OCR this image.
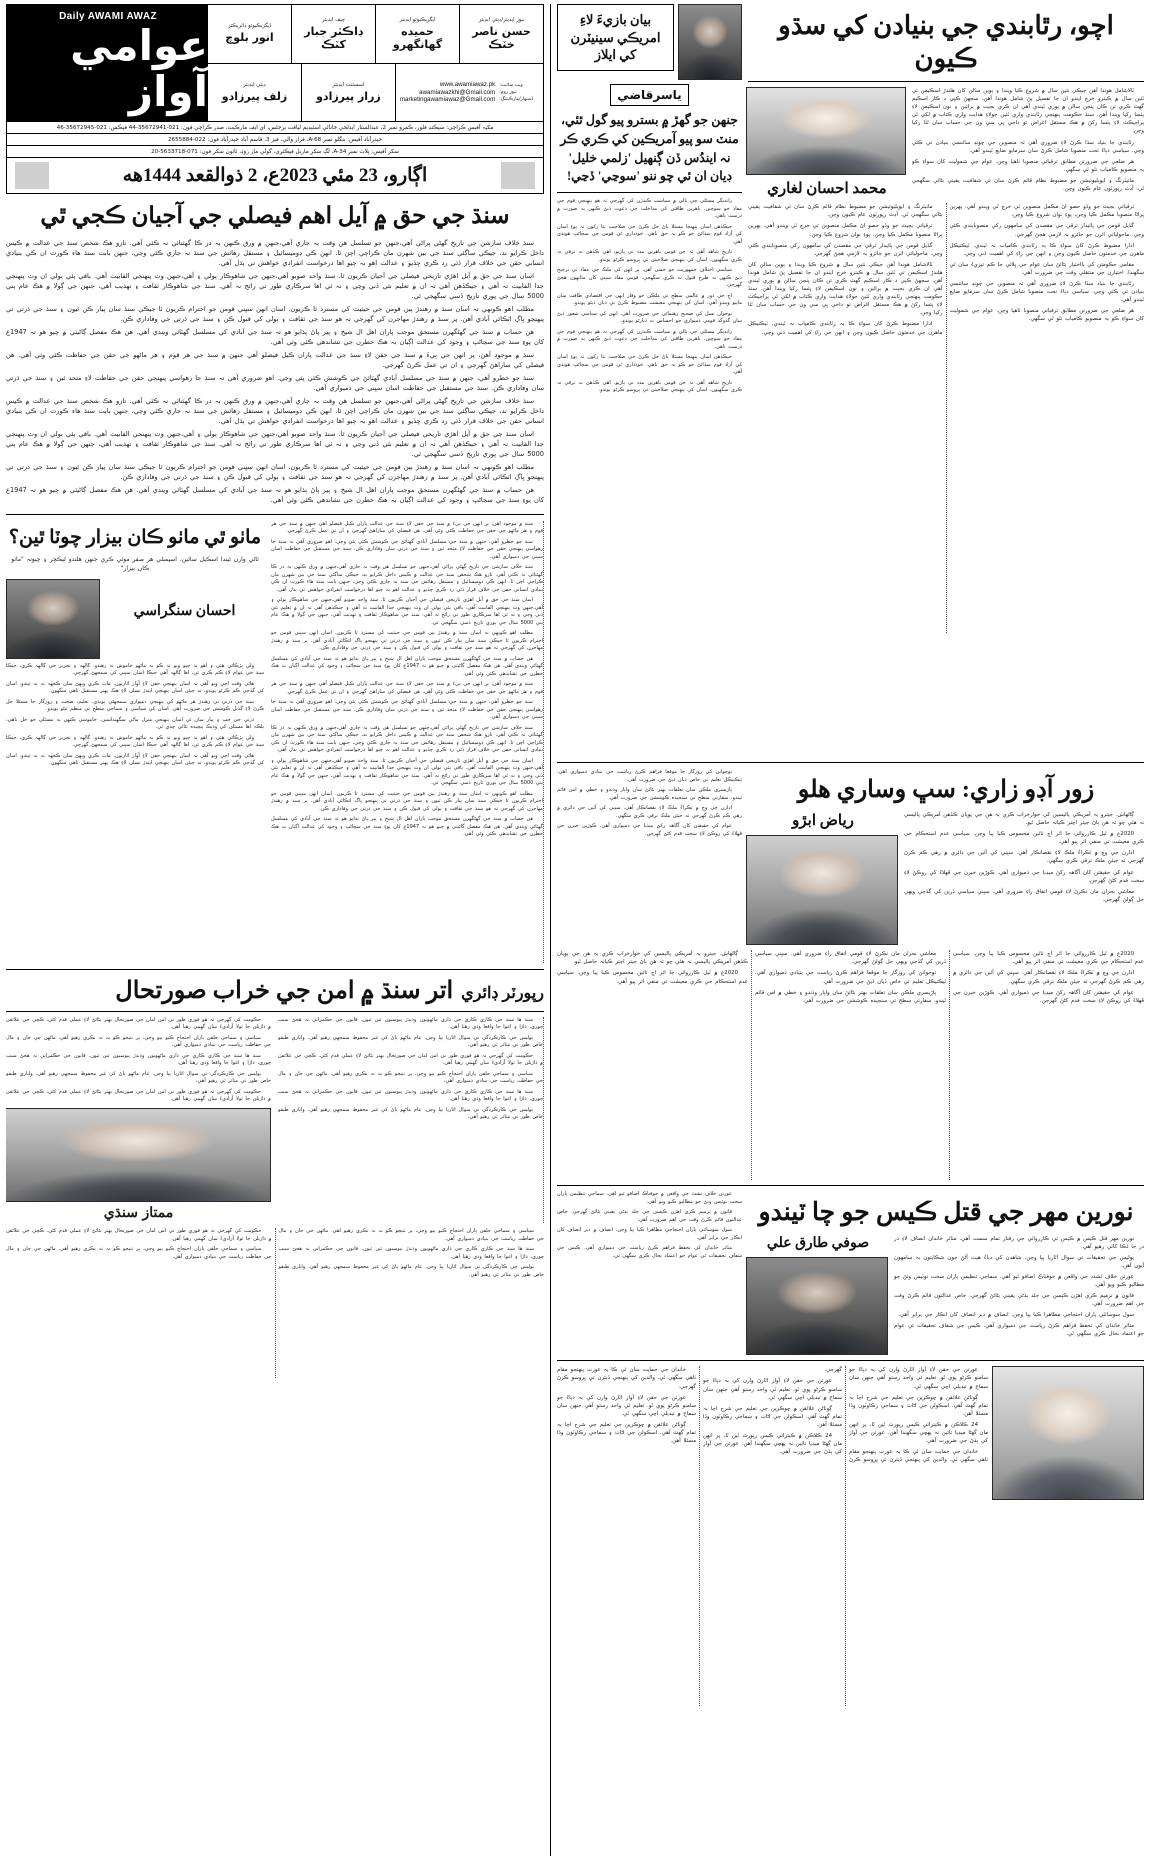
اچو، رٿابندي جي بنيادن کي سڌو ڪيون

ٽالاشامل هوندا آهن جيڪي نئين سال ۾ شروع ڪيا ويندا ۽ ٻوين سالن کان هلندڙ اسڪيمن تي ٽئين سال ۾ ڪيترو خرچ ايندو ان جا تفصيل پڻ شامل هوندا آهن. سجهڻ ڪپي د ڪار اسڪيم گهٽ ڪري تن ڪان پنجن سالن ۾ ٻوري ٿيندي آهي ان ڪري بجيت ۾ برائين ۽ نون اسڪيمن لاءِ پئسا رکيا ويندا آهن. سنڌ حڪومت پنهنجي رٿابندي واري ٽئين جولاءِ هدايت واري ڪتاب ۾ لکي ٿي پراجيڪٽ لاءِ پئسا رکڻ ۾ هڪ مستقل اغراض تو داخي پي سي ون جي حساب سان ٿئا رکيا وڃن.

رٿابندي جا بنياد سڌا ڪرڻ لاءِ ضروري آهي تہ منصوبن جي چونڊ سائنسي بنيادن تي ڪئي وڃي. سياسي دٻاءَ تحت منصوبا شامل ڪرڻ سان سرمايو ضايع ٿيندو آهي.

هر ضلعي جي ضرورتن مطابق ترقياتي منصوبا ٺاهيا وڃن. عوام جي شموليت کان سواءِ ڪو بہ منصوبو ڪامياب نٿو ٿي سگهي.

مانيٽرنگ ۽ ايويليوئيشن جو مضبوط نظام قائم ڪرڻ سان ئي شفافيت يقيني بڻائي سگهجي ٿي. آڊٽ رپورٽون عام ڪيون وڃن.

محمد احسان لغاري

ترقياتي بجيٽ جو وڏو حصو اڻ مڪمل منصوبن تي خرچ ٿي ويندو آهي. پهرين پراڻا منصوبا مڪمل ڪيا وڃن، پوءِ نوان شروع ڪيا وڃن.

گڏيل قومن جي پائيدار ترقي جي مقصدن کي سامهون رکي منصوبابندي ڪئي وڃي. ماحولياتي اثرن جو جائزو بہ لازمي هجڻ گهرجي.

ادارا مضبوط ڪرڻ کان سواءِ ڪا بہ رٿابندي ڪامياب نہ ٿيندي. ٽيڪنيڪل ماهرن جي خدمتون حاصل ڪيون وڃن ۽ انهن جي راءِ کي اهميت ڏني وڃي.

مقامي حڪومتن کي بااختيار بڻائڻ سان عوام جي ڀلائي جا ڪم تيزيءَ سان ٿي سگهندا. اختيارن جي منتقلي وقت جي ضرورت آهي.

رٿابندي جا بنياد سڌا ڪرڻ لاءِ ضروري آهي تہ منصوبن جي چونڊ سائنسي بنيادن تي ڪئي وڃي. سياسي دٻاءَ تحت منصوبا شامل ڪرڻ سان سرمايو ضايع ٿيندو آهي.

هر ضلعي جي ضرورتن مطابق ترقياتي منصوبا ٺاهيا وڃن. عوام جي شموليت کان سواءِ ڪو بہ منصوبو ڪامياب نٿو ٿي سگهي.

مانيٽرنگ ۽ ايويليوئيشن جو مضبوط نظام قائم ڪرڻ سان ئي شفافيت يقيني بڻائي سگهجي ٿي. آڊٽ رپورٽون عام ڪيون وڃن.

ترقياتي بجيٽ جو وڏو حصو اڻ مڪمل منصوبن تي خرچ ٿي ويندو آهي. پهرين پراڻا منصوبا مڪمل ڪيا وڃن، پوءِ نوان شروع ڪيا وڃن.

گڏيل قومن جي پائيدار ترقي جي مقصدن کي سامهون رکي منصوبابندي ڪئي وڃي. ماحولياتي اثرن جو جائزو بہ لازمي هجڻ گهرجي.

ٽالاشامل هوندا آهن جيڪي نئين سال ۾ شروع ڪيا ويندا ۽ ٻوين سالن کان هلندڙ اسڪيمن تي ٽئين سال ۾ ڪيترو خرچ ايندو ان جا تفصيل پڻ شامل هوندا آهن. سجهڻ ڪپي د ڪار اسڪيم گهٽ ڪري تن ڪان پنجن سالن ۾ ٻوري ٿيندي آهي ان ڪري بجيت ۾ برائين ۽ نون اسڪيمن لاءِ پئسا رکيا ويندا آهن. سنڌ حڪومت پنهنجي رٿابندي واري ٽئين جولاءِ هدايت واري ڪتاب ۾ لکي ٿي پراجيڪٽ لاءِ پئسا رکڻ ۾ هڪ مستقل اغراض تو داخي پي سي ون جي حساب سان ٿئا رکيا وڃن.

ادارا مضبوط ڪرڻ کان سواءِ ڪا بہ رٿابندي ڪامياب نہ ٿيندي. ٽيڪنيڪل ماهرن جي خدمتون حاصل ڪيون وڃن ۽ انهن جي راءِ کي اهميت ڏني وڃي.

بيان بازيءَ لاءِ امريڪي سينيٽرن کي ايلاز
ياسرقاضي
جنهن جو گهڙ ۾ بسترو پيو گول ٿئي، منٽ سو پيو آمريڪين کي ڪري ڪر نہ ايندُس ڏن ڳنهيل 'زلمي خليل' ڊيان ان ئي چو ننو 'سوڃي' ڏڃي!

رانديگر مسئلي جي نالي ۾ سياست ڪندڙن کي گهرجي تہ هو پنهنجي قوم جي مفاد جو سوچين. ٻاهرين طاقتن کي مداخلت جي دعوت ڏيڻ ڪنهن بہ صورت ۾ درست ناهي.

جيڪڏهن اسان پنهنجا مسئلا پاڻ حل ڪرڻ جي صلاحيت نٿا رکون تہ پوءِ اسان کي آزاد قوم سڏائڻ جو ڪو بہ حق ناهي. خودداري ئي قومن جي سڃاڻپ هوندي آهي.

تاريخ شاهد آهي تہ جن قومن ٻاهرين مدد تي ڀاڙيو، اهي ڪڏهن بہ ترقي نہ ڪري سگهيون. اسان کي پنهنجي صلاحيتن تي ڀروسو ڪرڻو پوندو.

سياسي اختلاف جمهوريت جو حسن آهن، پر انهن کي ملڪ جي مفاد تي ترجيح ڏيڻ ڪنهن بہ طرح قبول نہ ڪري سگهجي. قومي مفاد سڀني کان مٿانهون هجڻ گهرجي.

اڄ جي دور ۾ عالمي سطح تي ملڪن جو وقار انهن جي اقتصادي طاقت سان ماپيو ويندو آهي. اسان کي پنهنجي معيشت مضبوط ڪرڻ تي ڌيان ڏيڻو پوندو.

نوجوان نسل کي صحيح رهنمائي جي ضرورت آهي. انهن کي سياسي شعور ڏيڻ سان گڏوگڏ قومي ذميواري جو احساس بہ ڏيارڻو پوندو.

رانديگر مسئلي جي نالي ۾ سياست ڪندڙن کي گهرجي تہ هو پنهنجي قوم جي مفاد جو سوچين. ٻاهرين طاقتن کي مداخلت جي دعوت ڏيڻ ڪنهن بہ صورت ۾ درست ناهي.

جيڪڏهن اسان پنهنجا مسئلا پاڻ حل ڪرڻ جي صلاحيت نٿا رکون تہ پوءِ اسان کي آزاد قوم سڏائڻ جو ڪو بہ حق ناهي. خودداري ئي قومن جي سڃاڻپ هوندي آهي.

تاريخ شاهد آهي تہ جن قومن ٻاهرين مدد تي ڀاڙيو، اهي ڪڏهن بہ ترقي نہ ڪري سگهيون. اسان کي پنهنجي صلاحيتن تي ڀروسو ڪرڻو پوندو.

زور آڊو زاري: سڀ وساري هلو

ڳالهاش. جيترو بہ آمريڪي پاليسين کي خوارخراب ڪري بہ هن جي پويان ڪڏهن آمريڪي پاليسي نہ هئي چو تہ هن ٻاڻ جيتر اچتر ڪياتہ حاصل ٿيو.

2020ع ۾ ٿيل ڪارروائي جا اثر اڄ تائين محسوس ڪيا پيا وڃن. سياسي عدم استحڪام جي ڪري معيشت تي منفي اثر پيو آهي.

ادارن جي وچ ۾ ٽڪراءُ ملڪ لاءِ نقصانڪار آهي. سڀني کي آئين جي دائري ۾ رهي ڪم ڪرڻ گهرجي ته جيئن ملڪ ترقي ڪري سگهي.

عوام کي حقيقتن کان آگاهہ رکڻ ميڊيا جي ذميواري آهي. ڪوڙين خبرن جي ڦهلاءَ کي روڪڻ لاءِ سخت قدم کڻڻ گهرجن.

معاشي بحران مان نڪرڻ لاءِ قومي اتفاق راءِ ضروري آهي. سڀني سياسي ڌرين کي گڏجي ويهي حل ڳولڻ گهرجي.

رياض ابڙو

نوجوانن کي روزگار جا موقعا فراهم ڪرڻ رياست جي بنيادي ذميواري آهي. ٽيڪنيڪل تعليم تي خاص ڌيان ڏيڻ جي ضرورت آهي.

پاڙيسري ملڪن سان تعلقات بهتر بڻائڻ سان واپار وڌندو ۽ خطي ۾ امن قائم ٿيندو. سفارتي سطح تي سنجيده ڪوششن جي ضرورت آهي.

ادارن جي وچ ۾ ٽڪراءُ ملڪ لاءِ نقصانڪار آهي. سڀني کي آئين جي دائري ۾ رهي ڪم ڪرڻ گهرجي ته جيئن ملڪ ترقي ڪري سگهي.

عوام کي حقيقتن کان آگاهہ رکڻ ميڊيا جي ذميواري آهي. ڪوڙين خبرن جي ڦهلاءَ کي روڪڻ لاءِ سخت قدم کڻڻ گهرجن.

2020ع ۾ ٿيل ڪارروائي جا اثر اڄ تائين محسوس ڪيا پيا وڃن. سياسي عدم استحڪام جي ڪري معيشت تي منفي اثر پيو آهي.

ادارن جي وچ ۾ ٽڪراءُ ملڪ لاءِ نقصانڪار آهي. سڀني کي آئين جي دائري ۾ رهي ڪم ڪرڻ گهرجي ته جيئن ملڪ ترقي ڪري سگهي.

عوام کي حقيقتن کان آگاهہ رکڻ ميڊيا جي ذميواري آهي. ڪوڙين خبرن جي ڦهلاءَ کي روڪڻ لاءِ سخت قدم کڻڻ گهرجن.

معاشي بحران مان نڪرڻ لاءِ قومي اتفاق راءِ ضروري آهي. سڀني سياسي ڌرين کي گڏجي ويهي حل ڳولڻ گهرجي.

نوجوانن کي روزگار جا موقعا فراهم ڪرڻ رياست جي بنيادي ذميواري آهي. ٽيڪنيڪل تعليم تي خاص ڌيان ڏيڻ جي ضرورت آهي.

پاڙيسري ملڪن سان تعلقات بهتر بڻائڻ سان واپار وڌندو ۽ خطي ۾ امن قائم ٿيندو. سفارتي سطح تي سنجيده ڪوششن جي ضرورت آهي.

ڳالهاش. جيترو بہ آمريڪي پاليسين کي خوارخراب ڪري بہ هن جي پويان ڪڏهن آمريڪي پاليسي نہ هئي چو تہ هن ٻاڻ جيتر اچتر ڪياتہ حاصل ٿيو.

2020ع ۾ ٿيل ڪارروائي جا اثر اڄ تائين محسوس ڪيا پيا وڃن. سياسي عدم استحڪام جي ڪري معيشت تي منفي اثر پيو آهي.

نورين مهر جي قتل ڪيس جو چا ٽيندو

نورين مهر قتل ڪيس ۾ ڪيس تي ڪارروائي جي رفتار تمام سست آهي. متاثر خاندان انصاف لاءِ در در جا ڌڪا کائي رهيو آهي.

پوليس جي تحقيقات تي سوال اٿاريا پيا وڃن. شاهدن کي دٻاءُ هيٺ آڻڻ جون شڪايتون بہ سامهون آيون آهن.

عورتن خلاف تشدد جي واقعن ۾ خوفناڪ اضافو ٿيو آهي. سماجي تنظيمن پاران سخت نوٽيس وٺڻ جو مطالبو ڪيو ويو آهي.

قانون ۾ ترميم ڪري اهڙن ڪيسن جي جلد ٻڌڻي يقيني بڻائڻ گهرجي. خاص عدالتون قائم ڪرڻ وقت جي اهم ضرورت آهي.

سول سوسائٽي پاران احتجاجي مظاهرا ڪيا پيا وڃن. انصاف ۾ دير انصاف کان انڪار جي برابر آهي.

متاثر خاندان کي تحفظ فراهم ڪرڻ رياست جي ذميواري آهي. ڪيس جي شفاف تحقيقات ئي عوام جو اعتماد بحال ڪري سگهي ٿي.

صوفي طارق علي

عورتن خلاف تشدد جي واقعن ۾ خوفناڪ اضافو ٿيو آهي. سماجي تنظيمن پاران سخت نوٽيس وٺڻ جو مطالبو ڪيو ويو آهي.

قانون ۾ ترميم ڪري اهڙن ڪيسن جي جلد ٻڌڻي يقيني بڻائڻ گهرجي. خاص عدالتون قائم ڪرڻ وقت جي اهم ضرورت آهي.

سول سوسائٽي پاران احتجاجي مظاهرا ڪيا پيا وڃن. انصاف ۾ دير انصاف کان انڪار جي برابر آهي.

متاثر خاندان کي تحفظ فراهم ڪرڻ رياست جي ذميواري آهي. ڪيس جي شفاف تحقيقات ئي عوام جو اعتماد بحال ڪري سگهي ٿي.

عورتن جي حقن لاءِ آواز اٿارڻ وارن کي بہ دٻاءَ جو سامنو ڪرڻو پوي ٿو. تعليم ئي واحد رستو آهي جنهن سان سماج ۾ تبديلي اچي سگهي ٿي.

ڳوٺاڻن علائقن ۾ ڇوڪرين جي تعليم جي شرح اڃا بہ تمام گهٽ آهي. اسڪولن جي اڻاٺ ۽ سماجي رڪاوٽون وڏا مسئلا آهن.

24 ڪلاڪن ۾ ڪيترائي ڪيس رپورٽ ٿين ٿا، پر انهن مان گهڻا ميڊيا تائين نہ پهچي سگهندا آهن. عورتن جي آواز کي ٻڌڻ جي ضرورت آهي.

خاندان جي حمايت سان ئي ڪا بہ عورت پنهنجو مقام ٺاهي سگهي ٿي. والدين کي پنهنجي ڌيئرن تي ڀروسو ڪرڻ گهرجي.

عورتن جي حقن لاءِ آواز اٿارڻ وارن کي بہ دٻاءَ جو سامنو ڪرڻو پوي ٿو. تعليم ئي واحد رستو آهي جنهن سان سماج ۾ تبديلي اچي سگهي ٿي.

ڳوٺاڻن علائقن ۾ ڇوڪرين جي تعليم جي شرح اڃا بہ تمام گهٽ آهي. اسڪولن جي اڻاٺ ۽ سماجي رڪاوٽون وڏا مسئلا آهن.

24 ڪلاڪن ۾ ڪيترائي ڪيس رپورٽ ٿين ٿا، پر انهن مان گهڻا ميڊيا تائين نہ پهچي سگهندا آهن. عورتن جي آواز کي ٻڌڻ جي ضرورت آهي.

خاندان جي حمايت سان ئي ڪا بہ عورت پنهنجو مقام ٺاهي سگهي ٿي. والدين کي پنهنجي ڌيئرن تي ڀروسو ڪرڻ گهرجي.

عورتن جي حقن لاءِ آواز اٿارڻ وارن کي بہ دٻاءَ جو سامنو ڪرڻو پوي ٿو. تعليم ئي واحد رستو آهي جنهن سان سماج ۾ تبديلي اچي سگهي ٿي.

ڳوٺاڻن علائقن ۾ ڇوڪرين جي تعليم جي شرح اڃا بہ تمام گهٽ آهي. اسڪولن جي اڻاٺ ۽ سماجي رڪاوٽون وڏا مسئلا آهن.

نيوز ايڊيٽر/ڊپٽي ايڊيٽر
حسن ناصر خٽڪ
ايگزيڪيوٽو ايڊيٽر
حميده گهانگهرو
چيف ايڊيٽر
ڊاڪٽر جبار کٽڪ
ايگزيڪيوٽو ڊائريڪٽر
انور بلوچ
ويب سائيٽ:
نيوز روم:
اشتهار/مارڪيٽنگ:
www.awamiawaz.pk
awamiawazkhi@Gmail.com
marketingawamiawaz@Gmail.com
اسسٽنٽ ايڊيٽر
زرار پيرزادو
ڊپٽي ايڊيٽر
زلف پيرزادو
Daily AWAMI AWAZ
عوامي آواز
مکيہ آفيس ڪراچي: سيڪنڊ فلور، ڪمرو نمبر 2، عبدالستار ايڊلجي خاناڻي اسٽيڊيم لياقت برجڻس، اي ايف مارڪيٽ، صدر ڪراچي فون: 021-35672941-44 فيڪس: 021-35672945-46
حيدرآباد آفيس: بنگلو نمبر A-68، فراز والي، فيز 3، قاسم آباد حيدرآباد فون: 022-2655884
سکر آفيس: پلاٽ نمبر A-34، لڳ سکر ماربل فيڪٽري، گولي مار روڊ، ٽائون سکر فون: 071-5633718-20
اڳارو، 23 مئي 2023ع، 2 ذوالقعد 1444هه
سنڌ جي حق ۾ آيل اهم فيصلي جي آجيان ڪجي ٿي

سنڌ خلاف سازشن جي تاريخ گهڻي پراڻي آهي،جنهن جو تسلسل هن وقت بہ جاري آهي،جنهن ۾ ورق ڪنهن بہ در ڪا گهٽتائي نہ ڪئي آهي. تازو هڪ شخص سنڌ جي عدالت ۾ ڪيس داخل ڪرايو ند، جيڪي ساڳئي سنڌ جي بين شهرن مان ڪراچي اچن ٿا. انهن ڪي ڊوميسائيل ۽ مستقل رهائش جي سنڌ نہ جاري ڪئي وڃي، جنهن بابت سنڌ هاء ڪورٽ ان ڪي بنيادي انساني حقن جي خلاف قرار ڏئي رد ڪري ڇڏيو ۽ عدالت اهو بہ چيو اها درخواست انفرادي خواهش تي ٻڌل آهي.

اسان سنڌ جي حق ۾ آيل اهڙي تاريخي فيصلي جي آجيان ڪريون ٿا. سنڌ واحد صوبو آهي،جنهن جي شاهوڪار ٻولي ۽ آهي،جنهن وٽ پنهنجي الفابيت آهي. باقي ٻئي ٻولي ان وٽ پنهنجي جدا الفابيت نہ آهي ۽ جيڪڏهن آهي تہ ان ۾ تعليم نٿي ڏني وڃي ۽ نہ ئي اها سرڪاري طور تي رائج نہ آهي. سنڌ جي شاهوڪار ثقافت ۽ تهذيب آهي، جنهن جي ڳولا ۾ هڪ عام ٻني 5000 سال جي پوري تاريخ ڏسي سگهجي ٿي.

مطلب اهو ڪونهي تہ اسان سنڌ ۾ رهندڙ ٻين قومن جي حيثيت کي مسترد ٿا ڪريون. اسان انهن سڀني قومن جو احترام ڪريون ٿا جيڪي سنڌ سان پيار ڪن ٿيون ۽ سنڌ جي ڌرتي تي پنهنجو ڀاڳ اٽڪائي آبادي آهن. پر سنڌ ۾ رهندڙ مهاجرن کي گهرجي تہ هو سنڌ جي ثقافت ۽ ٻولي کي قبول ڪن ۽ سنڌ جي ڌرتي جي وفاداري ڪن.

هن حساب ۾ سنڌ جي گهڻگهرن مستحق موجب پاران اهل ال شيخ ۽ پير پاڻ ٻڌايو هو تہ سنڌ جي آبادي کي مسلسل گهٽائي ويندي آهي. هن هڪ مفصل ڳاڻيٽي ۾ چيو هو تہ 1947ع کان پوءِ سنڌ جي سڃاڻپ ۽ وجود کي عدالت اڳيان بہ هڪ خطرن جي نشاندهي ڪئي وئي آهي.

سنڌ ۾ موجود آهن، پر انهن جي ٻيءَ ۾ سنڌ جي حقن لاءِ سنڌ جي عدالت پاران ڪيل فيصلو آهي جنهن ۾ سنڌ جي هر قوم ۽ هر ماڻهو جي حقن جي حفاظت ڪئي وئي آهي. هن فيصلي کي ساراهڻ گهرجي ۽ ان تي عمل ڪرڻ گهرجي.

سنڌ جو خطرو آهي، جنهن ۾ سنڌ جي مسلسل آبادي گهٽائڻ جي ڪوشش ڪئي پئي وڃي. اهو ضروري آهي تہ سنڌ جا رهواسي پنهنجي حقن جي حفاظت لاءِ متحد ٿين ۽ سنڌ جي ڌرتي سان وفاداري ڪن. سنڌ جي مستقبل جي حفاظت اسان سڀني جي ذميواري آهي.

سنڌ خلاف سازشن جي تاريخ گهڻي پراڻي آهي،جنهن جو تسلسل هن وقت بہ جاري آهي،جنهن ۾ ورق ڪنهن بہ در ڪا گهٽتائي نہ ڪئي آهي. تازو هڪ شخص سنڌ جي عدالت ۾ ڪيس داخل ڪرايو ند، جيڪي ساڳئي سنڌ جي بين شهرن مان ڪراچي اچن ٿا. انهن ڪي ڊوميسائيل ۽ مستقل رهائش جي سنڌ نہ جاري ڪئي وڃي، جنهن بابت سنڌ هاء ڪورٽ ان ڪي بنيادي انساني حقن جي خلاف قرار ڏئي رد ڪري ڇڏيو ۽ عدالت اهو بہ چيو اها درخواست انفرادي خواهش تي ٻڌل آهي.

اسان سنڌ جي حق ۾ آيل اهڙي تاريخي فيصلي جي آجيان ڪريون ٿا. سنڌ واحد صوبو آهي،جنهن جي شاهوڪار ٻولي ۽ آهي،جنهن وٽ پنهنجي الفابيت آهي. باقي ٻئي ٻولي ان وٽ پنهنجي جدا الفابيت نہ آهي ۽ جيڪڏهن آهي تہ ان ۾ تعليم نٿي ڏني وڃي ۽ نہ ئي اها سرڪاري طور تي رائج نہ آهي. سنڌ جي شاهوڪار ثقافت ۽ تهذيب آهي، جنهن جي ڳولا ۾ هڪ عام ٻني 5000 سال جي پوري تاريخ ڏسي سگهجي ٿي.

مطلب اهو ڪونهي تہ اسان سنڌ ۾ رهندڙ ٻين قومن جي حيثيت کي مسترد ٿا ڪريون. اسان انهن سڀني قومن جو احترام ڪريون ٿا جيڪي سنڌ سان پيار ڪن ٿيون ۽ سنڌ جي ڌرتي تي پنهنجو ڀاڳ اٽڪائي آبادي آهن. پر سنڌ ۾ رهندڙ مهاجرن کي گهرجي تہ هو سنڌ جي ثقافت ۽ ٻولي کي قبول ڪن ۽ سنڌ جي ڌرتي جي وفاداري ڪن.

هن حساب ۾ سنڌ جي گهڻگهرن مستحق موجب پاران اهل ال شيخ ۽ پير پاڻ ٻڌايو هو تہ سنڌ جي آبادي کي مسلسل گهٽائي ويندي آهي. هن هڪ مفصل ڳاڻيٽي ۾ چيو هو تہ 1947ع کان پوءِ سنڌ جي سڃاڻپ ۽ وجود کي عدالت اڳيان بہ هڪ خطرن جي نشاندهي ڪئي وئي آهي.

سنڌ ۾ موجود آهن، پر انهن جي ٻيءَ ۾ سنڌ جي حقن لاءِ سنڌ جي عدالت پاران ڪيل فيصلو آهي جنهن ۾ سنڌ جي هر قوم ۽ هر ماڻهو جي حقن جي حفاظت ڪئي وئي آهي. هن فيصلي کي ساراهڻ گهرجي ۽ ان تي عمل ڪرڻ گهرجي.

سنڌ جو خطرو آهي، جنهن ۾ سنڌ جي مسلسل آبادي گهٽائڻ جي ڪوشش ڪئي پئي وڃي. اهو ضروري آهي تہ سنڌ جا رهواسي پنهنجي حقن جي حفاظت لاءِ متحد ٿين ۽ سنڌ جي ڌرتي سان وفاداري ڪن. سنڌ جي مستقبل جي حفاظت اسان سڀني جي ذميواري آهي.

سنڌ خلاف سازشن جي تاريخ گهڻي پراڻي آهي،جنهن جو تسلسل هن وقت بہ جاري آهي،جنهن ۾ ورق ڪنهن بہ در ڪا گهٽتائي نہ ڪئي آهي. تازو هڪ شخص سنڌ جي عدالت ۾ ڪيس داخل ڪرايو ند، جيڪي ساڳئي سنڌ جي بين شهرن مان ڪراچي اچن ٿا. انهن ڪي ڊوميسائيل ۽ مستقل رهائش جي سنڌ نہ جاري ڪئي وڃي، جنهن بابت سنڌ هاء ڪورٽ ان ڪي بنيادي انساني حقن جي خلاف قرار ڏئي رد ڪري ڇڏيو ۽ عدالت اهو بہ چيو اها درخواست انفرادي خواهش تي ٻڌل آهي.

اسان سنڌ جي حق ۾ آيل اهڙي تاريخي فيصلي جي آجيان ڪريون ٿا. سنڌ واحد صوبو آهي،جنهن جي شاهوڪار ٻولي ۽ آهي،جنهن وٽ پنهنجي الفابيت آهي. باقي ٻئي ٻولي ان وٽ پنهنجي جدا الفابيت نہ آهي ۽ جيڪڏهن آهي تہ ان ۾ تعليم نٿي ڏني وڃي ۽ نہ ئي اها سرڪاري طور تي رائج نہ آهي. سنڌ جي شاهوڪار ثقافت ۽ تهذيب آهي، جنهن جي ڳولا ۾ هڪ عام ٻني 5000 سال جي پوري تاريخ ڏسي سگهجي ٿي.

مطلب اهو ڪونهي تہ اسان سنڌ ۾ رهندڙ ٻين قومن جي حيثيت کي مسترد ٿا ڪريون. اسان انهن سڀني قومن جو احترام ڪريون ٿا جيڪي سنڌ سان پيار ڪن ٿيون ۽ سنڌ جي ڌرتي تي پنهنجو ڀاڳ اٽڪائي آبادي آهن. پر سنڌ ۾ رهندڙ مهاجرن کي گهرجي تہ هو سنڌ جي ثقافت ۽ ٻولي کي قبول ڪن ۽ سنڌ جي ڌرتي جي وفاداري ڪن.

هن حساب ۾ سنڌ جي گهڻگهرن مستحق موجب پاران اهل ال شيخ ۽ پير پاڻ ٻڌايو هو تہ سنڌ جي آبادي کي مسلسل گهٽائي ويندي آهي. هن هڪ مفصل ڳاڻيٽي ۾ چيو هو تہ 1947ع کان پوءِ سنڌ جي سڃاڻپ ۽ وجود کي عدالت اڳيان بہ هڪ خطرن جي نشاندهي ڪئي وئي آهي.

سنڌ ۾ موجود آهن، پر انهن جي ٻيءَ ۾ سنڌ جي حقن لاءِ سنڌ جي عدالت پاران ڪيل فيصلو آهي جنهن ۾ سنڌ جي هر قوم ۽ هر ماڻهو جي حقن جي حفاظت ڪئي وئي آهي. هن فيصلي کي ساراهڻ گهرجي ۽ ان تي عمل ڪرڻ گهرجي.

سنڌ جو خطرو آهي، جنهن ۾ سنڌ جي مسلسل آبادي گهٽائڻ جي ڪوشش ڪئي پئي وڃي. اهو ضروري آهي تہ سنڌ جا رهواسي پنهنجي حقن جي حفاظت لاءِ متحد ٿين ۽ سنڌ جي ڌرتي سان وفاداري ڪن. سنڌ جي مستقبل جي حفاظت اسان سڀني جي ذميواري آهي.

سنڌ خلاف سازشن جي تاريخ گهڻي پراڻي آهي،جنهن جو تسلسل هن وقت بہ جاري آهي،جنهن ۾ ورق ڪنهن بہ در ڪا گهٽتائي نہ ڪئي آهي. تازو هڪ شخص سنڌ جي عدالت ۾ ڪيس داخل ڪرايو ند، جيڪي ساڳئي سنڌ جي بين شهرن مان ڪراچي اچن ٿا. انهن ڪي ڊوميسائيل ۽ مستقل رهائش جي سنڌ نہ جاري ڪئي وڃي، جنهن بابت سنڌ هاء ڪورٽ ان ڪي بنيادي انساني حقن جي خلاف قرار ڏئي رد ڪري ڇڏيو ۽ عدالت اهو بہ چيو اها درخواست انفرادي خواهش تي ٻڌل آهي.

اسان سنڌ جي حق ۾ آيل اهڙي تاريخي فيصلي جي آجيان ڪريون ٿا. سنڌ واحد صوبو آهي،جنهن جي شاهوڪار ٻولي ۽ آهي،جنهن وٽ پنهنجي الفابيت آهي. باقي ٻئي ٻولي ان وٽ پنهنجي جدا الفابيت نہ آهي ۽ جيڪڏهن آهي تہ ان ۾ تعليم نٿي ڏني وڃي ۽ نہ ئي اها سرڪاري طور تي رائج نہ آهي. سنڌ جي شاهوڪار ثقافت ۽ تهذيب آهي، جنهن جي ڳولا ۾ هڪ عام ٻني 5000 سال جي پوري تاريخ ڏسي سگهجي ٿي.

مطلب اهو ڪونهي تہ اسان سنڌ ۾ رهندڙ ٻين قومن جي حيثيت کي مسترد ٿا ڪريون. اسان انهن سڀني قومن جو احترام ڪريون ٿا جيڪي سنڌ سان پيار ڪن ٿيون ۽ سنڌ جي ڌرتي تي پنهنجو ڀاڳ اٽڪائي آبادي آهن. پر سنڌ ۾ رهندڙ مهاجرن کي گهرجي تہ هو سنڌ جي ثقافت ۽ ٻولي کي قبول ڪن ۽ سنڌ جي ڌرتي جي وفاداري ڪن.

هن حساب ۾ سنڌ جي گهڻگهرن مستحق موجب پاران اهل ال شيخ ۽ پير پاڻ ٻڌايو هو تہ سنڌ جي آبادي کي مسلسل گهٽائي ويندي آهي. هن هڪ مفصل ڳاڻيٽي ۾ چيو هو تہ 1947ع کان پوءِ سنڌ جي سڃاڻپ ۽ وجود کي عدالت اڳيان بہ هڪ خطرن جي نشاندهي ڪئي وئي آهي.

ماٺو ٿي ماٺو ڪان بيزار چوٽا ٿين؟

ٿاڻي وارن ٿيندا اسڪيل سائين، اسيمبلي هر صفر موٽي ڪري جنهن هلندو ليڪچر ۽ چيوتہ "ماٺو ڪان بيزار"

احسان سنگراسي

ولي ڀڙڪائي هئي ۽ اهو بہ چيو ويو تہ ڪو بہ ماڻهو خاموش نہ رهندو. ڳالهہ ۽ تحرير جي ڳالهہ ڪري، جيڪا سنڌ جي عوام لاءِ ڪم ڪري ٿي، اها ڳالهہ آهي جيڪا اسان سڀني کي سمجهڻ گهرجي.

هاڻي وقت اچي ويو آهي تہ اسان پنهنجي حقن لاءِ آواز اٿاريون. ماٺ ڪري ويهڻ سان ڪجهہ بہ نہ ٿيندو. اسان کي گڏجي ڪم ڪرڻو پوندو، ته جيئن اسان پنهنجي ايندڙ نسلن لاءِ هڪ بهتر مستقبل ٺاهي سگهون.

سنڌ جي ڌرتي تي رهندڙ هر ماڻهو کي پنهنجي ذميواري سمجهڻي پوندي. تعليم، صحت ۽ روزگار جا مسئلا حل ڪرڻ لاءِ گڏيل ڪوشش جي ضرورت آهي. اسان کي سياسي ۽ سماجي سطح تي منظم ٿيڻو پوندو.

ڌرتي جي حب ۽ پيار سان ئي اسان پنهنجي منزل ماڻي سگهنداسين. خاموشي ڪنهن بہ مسئلي جو حل ناهي، بلڪہ اها مسئلن کي وڌيڪ پيچيده بڻائي ڇڏي ٿي.

ولي ڀڙڪائي هئي ۽ اهو بہ چيو ويو تہ ڪو بہ ماڻهو خاموش نہ رهندو. ڳالهہ ۽ تحرير جي ڳالهہ ڪري، جيڪا سنڌ جي عوام لاءِ ڪم ڪري ٿي، اها ڳالهہ آهي جيڪا اسان سڀني کي سمجهڻ گهرجي.

هاڻي وقت اچي ويو آهي تہ اسان پنهنجي حقن لاءِ آواز اٿاريون. ماٺ ڪري ويهڻ سان ڪجهہ بہ نہ ٿيندو. اسان کي گڏجي ڪم ڪرڻو پوندو، ته جيئن اسان پنهنجي ايندڙ نسلن لاءِ هڪ بهتر مستقبل ٺاهي سگهون.

رپورٽر ڊائري
اتر سنڌ ۾ امن جي خراب صورتحال

سنڌ ها سنڌ جي ڪاري ڪاري جي ڌاري ماڻهويون وڌندڙ بيوسيون ٿين ٿيون. قانون جي حڪمراني نہ هجڻ سبب چوري، ڌاڙا ۽ اغوا جا واقعا وڌي رهيا آهن.

پوليس جي ڪارڪردگي تي سوال اٿاريا پيا وڃن. عام ماڻهو پاڻ کي غير محفوظ سمجهي رهيو آهي. واپاري طبقو خاص طور تي متاثر ٿي رهيو آهي.

حڪومت کي گهرجي تہ هو فوري طور تي امن امان جي صورتحال بهتر بڻائڻ لاءِ عملي قدم کڻي. ڪچي جي علائقن ۾ ڌاڙيلن جا ٽولا آزاديءَ سان گهمي رهيا آهن.

سياسي ۽ سماجي حلقن پاران احتجاج ڪيو پيو وڃي، پر نتيجو ڪو بہ نہ نڪري رهيو آهي. ماڻهن جي جان ۽ مال جي حفاظت رياست جي بنيادي ذميواري آهي.

سنڌ ها سنڌ جي ڪاري ڪاري جي ڌاري ماڻهويون وڌندڙ بيوسيون ٿين ٿيون. قانون جي حڪمراني نہ هجڻ سبب چوري، ڌاڙا ۽ اغوا جا واقعا وڌي رهيا آهن.

پوليس جي ڪارڪردگي تي سوال اٿاريا پيا وڃن. عام ماڻهو پاڻ کي غير محفوظ سمجهي رهيو آهي. واپاري طبقو خاص طور تي متاثر ٿي رهيو آهي.

حڪومت کي گهرجي تہ هو فوري طور تي امن امان جي صورتحال بهتر بڻائڻ لاءِ عملي قدم کڻي. ڪچي جي علائقن ۾ ڌاڙيلن جا ٽولا آزاديءَ سان گهمي رهيا آهن.

سياسي ۽ سماجي حلقن پاران احتجاج ڪيو پيو وڃي، پر نتيجو ڪو بہ نہ نڪري رهيو آهي. ماڻهن جي جان ۽ مال جي حفاظت رياست جي بنيادي ذميواري آهي.

سنڌ ها سنڌ جي ڪاري ڪاري جي ڌاري ماڻهويون وڌندڙ بيوسيون ٿين ٿيون. قانون جي حڪمراني نہ هجڻ سبب چوري، ڌاڙا ۽ اغوا جا واقعا وڌي رهيا آهن.

پوليس جي ڪارڪردگي تي سوال اٿاريا پيا وڃن. عام ماڻهو پاڻ کي غير محفوظ سمجهي رهيو آهي. واپاري طبقو خاص طور تي متاثر ٿي رهيو آهي.

حڪومت کي گهرجي تہ هو فوري طور تي امن امان جي صورتحال بهتر بڻائڻ لاءِ عملي قدم کڻي. ڪچي جي علائقن ۾ ڌاڙيلن جا ٽولا آزاديءَ سان گهمي رهيا آهن.

ممتاز سنڌي

سياسي ۽ سماجي حلقن پاران احتجاج ڪيو پيو وڃي، پر نتيجو ڪو بہ نہ نڪري رهيو آهي. ماڻهن جي جان ۽ مال جي حفاظت رياست جي بنيادي ذميواري آهي.

سنڌ ها سنڌ جي ڪاري ڪاري جي ڌاري ماڻهويون وڌندڙ بيوسيون ٿين ٿيون. قانون جي حڪمراني نہ هجڻ سبب چوري، ڌاڙا ۽ اغوا جا واقعا وڌي رهيا آهن.

پوليس جي ڪارڪردگي تي سوال اٿاريا پيا وڃن. عام ماڻهو پاڻ کي غير محفوظ سمجهي رهيو آهي. واپاري طبقو خاص طور تي متاثر ٿي رهيو آهي.

حڪومت کي گهرجي تہ هو فوري طور تي امن امان جي صورتحال بهتر بڻائڻ لاءِ عملي قدم کڻي. ڪچي جي علائقن ۾ ڌاڙيلن جا ٽولا آزاديءَ سان گهمي رهيا آهن.

سياسي ۽ سماجي حلقن پاران احتجاج ڪيو پيو وڃي، پر نتيجو ڪو بہ نہ نڪري رهيو آهي. ماڻهن جي جان ۽ مال جي حفاظت رياست جي بنيادي ذميواري آهي.
